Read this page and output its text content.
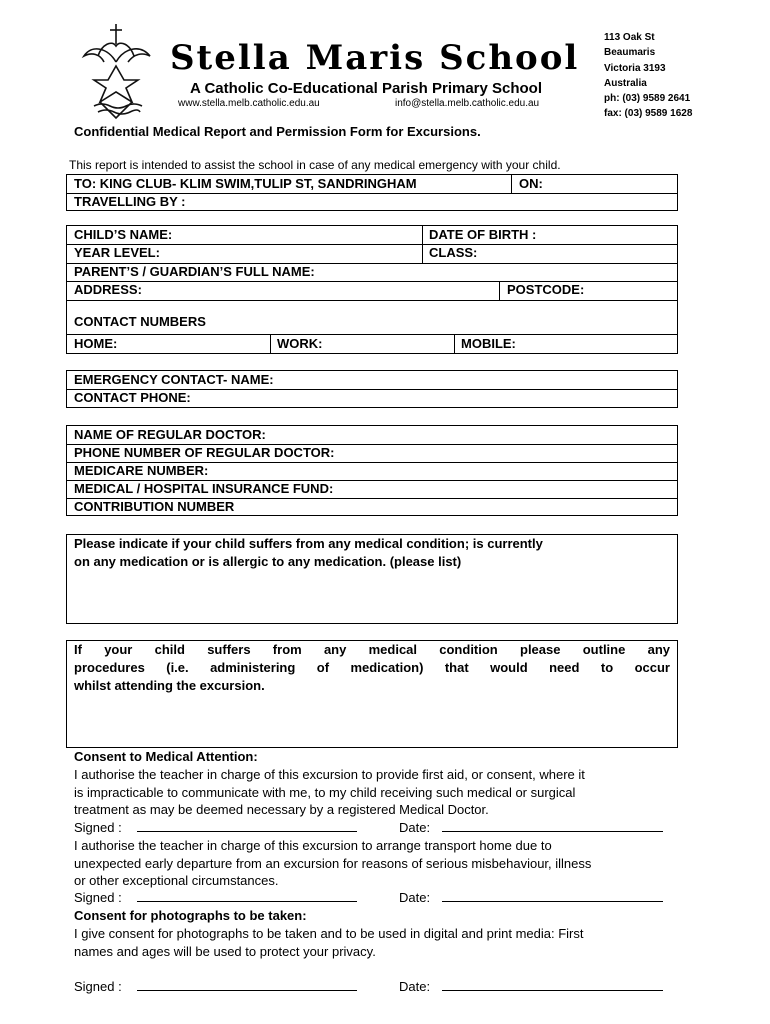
Stella Maris School
A Catholic Co-Educational Parish Primary School
www.stella.melb.catholic.edu.au	info@stella.melb.catholic.edu.au
113 Oak St
Beaumaris
Victoria 3193
Australia
ph: (03) 9589 2641
fax: (03) 9589 1628
Confidential Medical Report and Permission Form for Excursions.
This report is intended to assist the school in case of any medical emergency with your child.
TO: KING CLUB- KLIM SWIM,TULIP ST, SANDRINGHAM	ON:
TRAVELLING BY :
CHILD’S NAME:	DATE OF BIRTH :
YEAR LEVEL:	CLASS:
PARENT’S / GUARDIAN’S FULL NAME:
ADDRESS:	POSTCODE:
CONTACT NUMBERS
HOME:	WORK:	MOBILE:
EMERGENCY CONTACT- NAME:
CONTACT PHONE:
NAME OF REGULAR DOCTOR:
PHONE NUMBER OF REGULAR DOCTOR:
MEDICARE NUMBER:
MEDICAL / HOSPITAL INSURANCE FUND:
CONTRIBUTION NUMBER
Please indicate if your child suffers from any medical condition; is currently
on any medication or is allergic to any medication. (please list)
If your child suffers from any medical condition please outline any
procedures (i.e. administering of medication) that would need to occur
whilst attending the excursion.
Consent to Medical Attention:
I authorise the teacher in charge of this excursion to provide first aid, or consent, where it
is impracticable to communicate with me, to my child receiving such medical or surgical
treatment as may be deemed necessary by a registered Medical Doctor.
Signed :	Date:
I authorise the teacher in charge of this excursion to arrange transport home due to
unexpected early departure from an excursion for reasons of serious misbehaviour, illness
or other exceptional circumstances.
Signed :	Date:
Consent for photographs to be taken:
I give consent for photographs to be taken and to be used in digital and print media: First
names and ages will be used to protect your privacy.
Signed :	Date:
